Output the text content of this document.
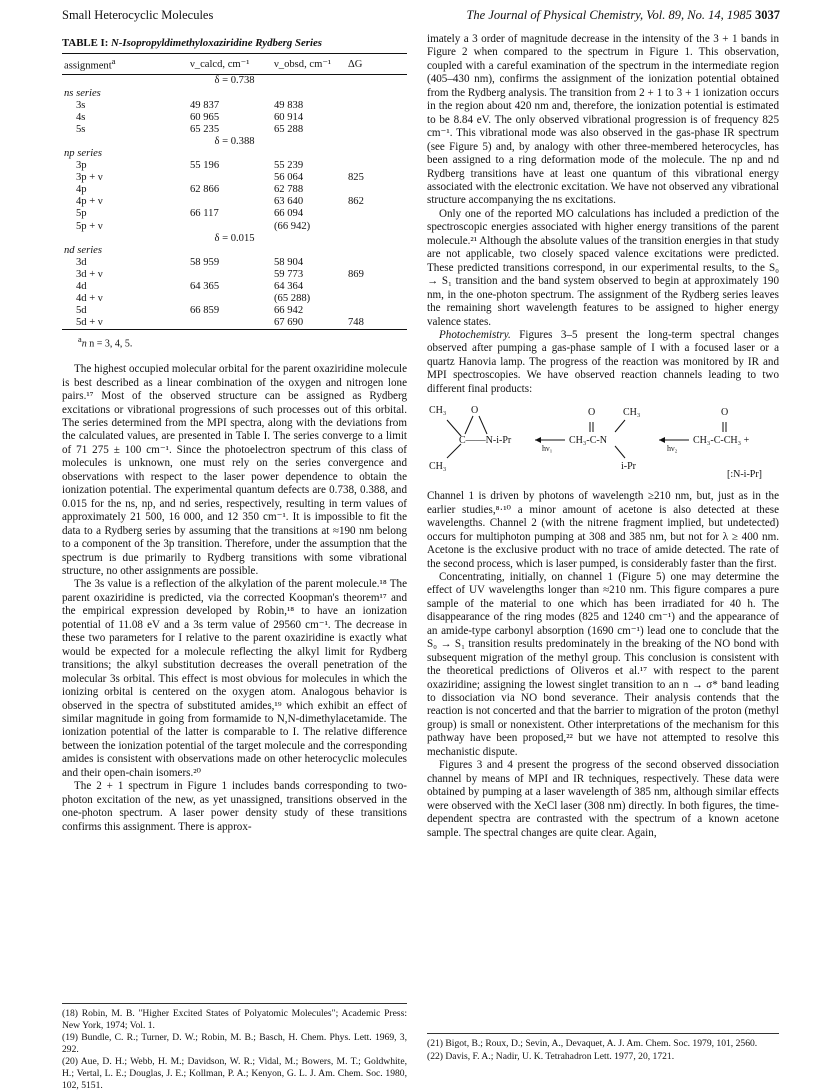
Small Heterocyclic Molecules	The Journal of Physical Chemistry, Vol. 89, No. 14, 1985 3037
TABLE I: N-Isopropyldimethyloxaziridine Rydberg Series
assignment$^a$	ν_calcd, cm⁻¹	ν_obsd, cm⁻¹	ΔG
δ = 0.738			
ns series			
3s	49 837	49 838	
4s	60 965	60 914	
5s	65 235	65 288	
δ = 0.388			
np series			
3p	55 196	55 239	
3p + ν		56 064	825
4p	62 866	62 788	
4p + ν		63 640	862
5p	66 117	66 094	
5p + ν		(66 942)	
δ = 0.015			
nd series			
3d	58 959	58 904	
3d + ν		59 773	869
4d	64 365	64 364	
4d + ν		(65 288)	
5d	66 859	66 942	
5d + ν		67 690	748
$^a$n n = 3, 4, 5.

The highest occupied molecular orbital for the parent oxaziridine molecule is best described as a linear combination of the oxygen and nitrogen lone pairs.¹⁷ Most of the observed structure can be assigned as Rydberg excitations or vibrational progressions of such processes out of this orbital. The series determined from the MPI spectra, along with the deviations from the calculated values, are presented in Table I. The series converge to a limit of 71 275 ± 100 cm⁻¹. Since the photoelectron spectrum of this class of molecules is unknown, one must rely on the series convergence and observations with respect to the laser power dependence to obtain the ionization potential. The experimental quantum defects are 0.738, 0.388, and 0.015 for the ns, np, and nd series, respectively, resulting in term values of approximately 21 500, 16 000, and 12 350 cm⁻¹. It is impossible to fit the data to a Rydberg series by assuming that the transitions at ≈190 nm belong to a component of the 3p transition. Therefore, under the assumption that the spectrum is due primarily to Rydberg transitions with some vibrational structure, no other assignments are possible.

The 3s value is a reflection of the alkylation of the parent molecule.¹⁸ The parent oxaziridine is predicted, via the corrected Koopman's theorem¹⁷ and the empirical expression developed by Robin,¹⁸ to have an ionization potential of 11.08 eV and a 3s term value of 29560 cm⁻¹. The decrease in these two parameters for I relative to the parent oxaziridine is exactly what would be expected for a molecule reflecting the alkyl limit for Rydberg transitions; the alkyl substitution decreases the overall penetration of the molecular 3s orbital. This effect is most obvious for molecules in which the ionizing orbital is centered on the oxygen atom. Analogous behavior is observed in the spectra of substituted amides,¹⁹ which exhibit an effect of similar magnitude in going from formamide to N,N-dimethylacetamide. The ionization potential of the latter is comparable to I. The relative difference between the ionization potential of the target molecule and the corresponding amides is consistent with observations made on other heterocyclic molecules and their open-chain isomers.²⁰

The 2 + 1 spectrum in Figure 1 includes bands corresponding to two-photon excitation of the new, as yet unassigned, transitions observed in the one-photon spectrum. A laser power density study of these transitions confirms this assignment. There is approx-

(18) Robin, M. B. "Higher Excited States of Polyatomic Molecules"; Academic Press: New York, 1974; Vol. 1.

(19) Bundle, C. R.; Turner, D. W.; Robin, M. B.; Basch, H. Chem. Phys. Lett. 1969, 3, 292.

(20) Aue, D. H.; Webb, H. M.; Davidson, W. R.; Vidal, M.; Bowers, M. T.; Goldwhite, H.; Vertal, L. E.; Douglas, J. E.; Kollman, P. A.; Kenyon, G. L. J. Am. Chem. Soc. 1980, 102, 5151.

imately a 3 order of magnitude decrease in the intensity of the 3 + 1 bands in Figure 2 when compared to the spectrum in Figure 1. This observation, coupled with a careful examination of the spectrum in the intermediate region (405–430 nm), confirms the assignment of the ionization potential obtained from the Rydberg analysis. The transition from 2 + 1 to 3 + 1 ionization occurs in the region about 420 nm and, therefore, the ionization potential is estimated to be 8.84 eV. The only observed vibrational progression is of frequency 825 cm⁻¹. This vibrational mode was also observed in the gas-phase IR spectrum (see Figure 5) and, by analogy with other three-membered heterocycles, has been assigned to a ring deformation mode of the molecule. The np and nd Rydberg transitions have at least one quantum of this vibrational energy associated with the electronic excitation. We have not observed any vibrational structure accompanying the ns excitations.

Only one of the reported MO calculations has included a prediction of the spectroscopic energies associated with higher energy transitions of the parent molecule.²¹ Although the absolute values of the transition energies in that study are not applicable, two closely spaced valence excitations were predicted. These predicted transitions correspond, in our experimental results, to the S₀ → S₁ transition and the band system observed to begin at approximately 190 nm, in the one-photon spectrum. The assignment of the Rydberg series leaves the remaining short wavelength features to be assigned to higher energy valence states.

Photochemistry. Figures 3–5 present the long-term spectral changes observed after pumping a gas-phase sample of I with a focused laser or a quartz Hanovia lamp. The progress of the reaction was monitored by IR and MPI spectroscopies. We have observed reaction channels leading to two different final products:

CH₃ O
C——N-i-Pr
CH₃
hν₁
O	CH₃
CH₃-C-N
i-Pr
hν₂
O
CH₃-C-CH₃ +
[:N-i-Pr]

Channel 1 is driven by photons of wavelength ≥210 nm, but, just as in the earlier studies,⁸·¹⁰ a minor amount of acetone is also detected at these wavelengths. Channel 2 (with the nitrene fragment implied, but undetected) occurs for multiphoton pumping at 308 and 385 nm, but not for λ ≥ 400 nm. Acetone is the exclusive product with no trace of amide detected. The rate of the second process, which is laser pumped, is considerably faster than the first.

Concentrating, initially, on channel 1 (Figure 5) one may determine the effect of UV wavelengths longer than ≈210 nm. This figure compares a pure sample of the material to one which has been irradiated for 40 h. The disappearance of the ring modes (825 and 1240 cm⁻¹) and the appearance of an amide-type carbonyl absorption (1690 cm⁻¹) lead one to conclude that the S₀ → S₁ transition results predominately in the breaking of the NO bond with subsequent migration of the methyl group. This conclusion is consistent with the theoretical predictions of Oliveros et al.¹⁷ with respect to the parent oxaziridine; assigning the lowest singlet transition to an n → σ* band leading to dissociation via NO bond severance. Their analysis contends that the reaction is not concerted and that the barrier to migration of the proton (methyl group) is small or nonexistent. Other interpretations of the mechanism for this pathway have been proposed,²² but we have not attempted to resolve this mechanistic dispute.

Figures 3 and 4 present the progress of the second observed dissociation channel by means of MPI and IR techniques, respectively. These data were obtained by pumping at a laser wavelength of 385 nm, although similar effects were observed with the XeCl laser (308 nm) directly. In both figures, the time-dependent spectra are contrasted with the spectrum of a known acetone sample. The spectral changes are quite clear. Again,

(21) Bigot, B.; Roux, D.; Sevin, A., Devaquet, A. J. Am. Chem. Soc. 1979, 101, 2560.

(22) Davis, F. A.; Nadir, U. K. Tetrahadron Lett. 1977, 20, 1721.
